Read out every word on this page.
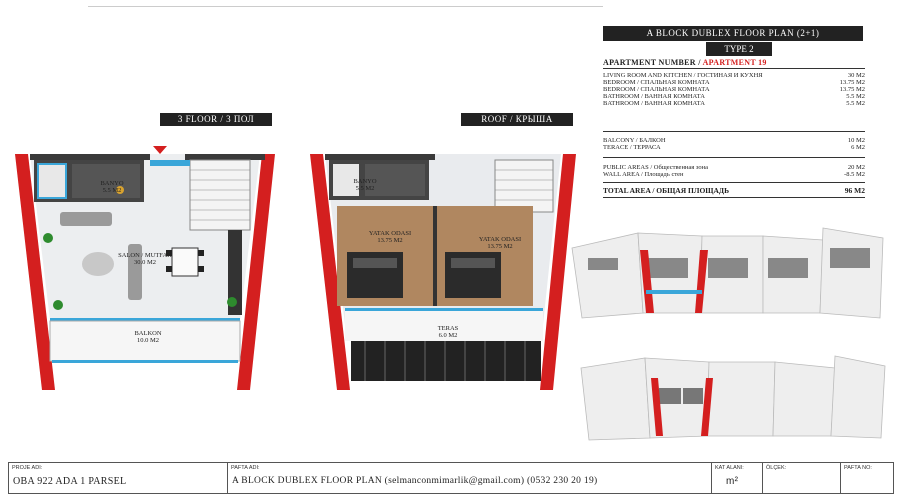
A BLOCK DUBLEX FLOOR PLAN (2+1)
TYPE 2
APARTMENT NUMBER / APARTMENT 19
LIVING ROOM AND KITCHEN / ГОСТИНАЯ И КУХНЯ	30 M2
BEDROOM / СПАЛЬНАЯ КОМНАТА	13.75 M2
BEDROOM / СПАЛЬНАЯ КОМНАТА	13.75 M2
BATHROOM / ВАННАЯ КОМНАТА	5.5 M2
BATHROOM / ВАННАЯ КОМНАТА	5.5 M2
BALCONY / БАЛКОН	10 M2
TERACE / ТЕРРАСА	6 M2
PUBLIC AREAS / Общественная зона	20 M2
WALL AREA / Площадь стен	-8.5 M2
TOTAL AREA / ОБЩАЯ ПЛОЩАДЬ	96 M2
3 FLOOR / 3 ПОЛ	ROOF / КРЫША
BANYO
5.5 M2
SALON / MUTFAK
30.0 M2
BALKON
10.0 M2
BANYO
5.5 M2
YATAK ODASI
13.75 M2	YATAK ODASI
13.75 M2
TERAS
6.0 M2
PROJE ADI:
OBA 922 ADA 1 PARSEL
PAFTA ADI:
A BLOCK DUBLEX FLOOR PLAN (selmanconmimarlik@gmail.com) (0532 230 20 19)
KAT ALANI:
m²
ÖLÇEK:	PAFTA NO:
